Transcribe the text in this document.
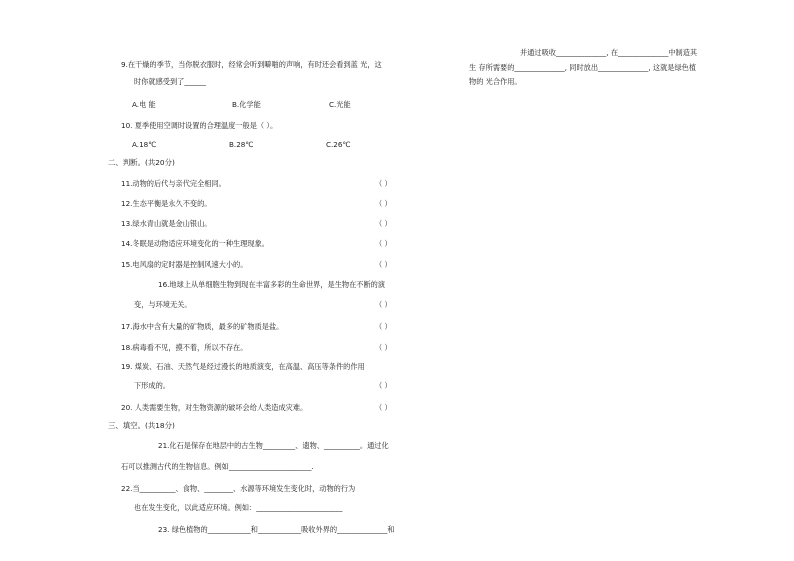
9.在干燥的季节，当你脱衣服时，经常会听到噼啪的声响，有时还会看到蓝 光，这
时你就感受到了______
A.电 能	B.化学能	C.光能
10. 夏季使用空调时设置的合理温度一般是（ ）。
A.18℃	B.28℃	C.26℃
二、判断。(共20分)
11.动物的后代与亲代完全相同。	（ ）
12.生态平衡是永久不变的。	（ ）
13.绿水青山就是金山银山。	（ ）
14.冬眠是动物适应环境变化的一种生理现象。	（ ）
15.电风扇的定时器是控制风速大小的。	（ ）
16.地球上从单细胞生物到现在丰富多彩的生命世界，是生物在不断的演
变，与环境无关。	（ ）
17.海水中含有大量的矿物质，最多的矿物质是盐。	（ ）
18.病毒看不见，摸不着，所以不存在。	（ ）
19. 煤炭、石油、天然气是经过漫长的地质演变，在高温、高压等条件的作用
下形成的。	（ ）
20. 人类需要生物，对生物资源的破坏会给人类造成灾难。	（ ）
三、填空。(共18分)
21.化石是保存在地层中的古生物_________、遗物、__________。通过化
石可以推测古代的生物信息。例如_______________________.
22.当__________、食物、________、水源等环境发生变化时，动物的行为
也在发生变化，以此适应环境。例如：________________________
23. 绿色植物的____________和____________吸收外界的______________和
并通过吸收______________, 在______________中制造其
生 存所需要的______________, 同时放出______________, 这就是绿色植
物的 光合作用。
